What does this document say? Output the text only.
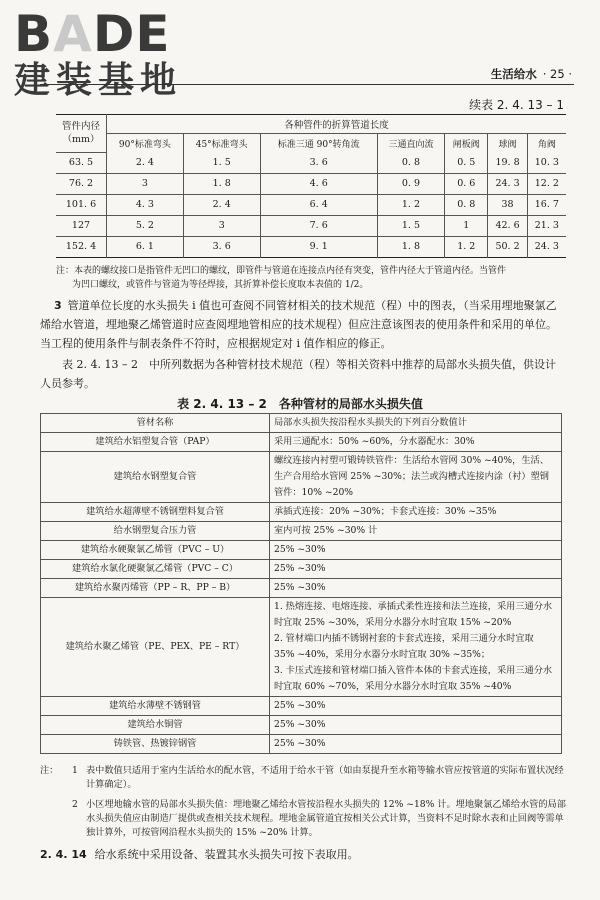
BADE
建装基地	生活给水 · 25 ·
续表 2. 4. 13 – 1
管件内径
（mm）	各种管件的折算管道长度						
	90°标准弯头	45°标准弯头	标准三通 90°转角流	三通直向流	闸板阀	球阀	角阀
63. 5	2. 4	1. 5	3. 6	0. 8	0. 5	19. 8	10. 3
76. 2	3	1. 8	4. 6	0. 9	0. 6	24. 3	12. 2
101. 6	4. 3	2. 4	6. 4	1. 2	0. 8	38	16. 7
127	5. 2	3	7. 6	1. 5	1	42. 6	21. 3
152. 4	6. 1	3. 6	9. 1	1. 8	1. 2	50. 2	24. 3
注：本表的螺纹接口是指管件无凹口的螺纹，即管件与管道在连接点内径有突变，管件内径大于管道内径。当管件
为凹口螺纹，或管件与管道为等径焊接，其折算补偿长度取本表值的 1/2。
3 管道单位长度的水头损失 i 值也可查阅不同管材相关的技术规范（程）中的图表，（当采用埋地聚氯乙烯给水管道，埋地聚乙烯管道时应查阅埋地管相应的技术规程）但应注意该图表的使用条件和采用的单位。当工程的使用条件与制表条件不符时，应根据规定对 i 值作相应的修正。
表 2. 4. 13 – 2　中所列数据为各种管材技术规范（程）等相关资料中推荐的局部水头损失值，供设计人员参考。
表 2. 4. 13 – 2　各种管材的局部水头损失值
管材名称	局部水头损失按沿程水头损失的下列百分数值计
建筑给水铝塑复合管（PAP）	采用三通配水：50% ~60%，分水器配水：30%
建筑给水钢塑复合管	螺纹连接内衬塑可锻铸铁管件：生活给水管网 30% ~40%，生活、生产合用给水管网 25% ~30%；法兰或沟槽式连接内涂（衬）塑钢管件：10% ~20%
建筑给水超薄壁不锈钢塑料复合管	承插式连接：20% ~30%；卡套式连接：30% ~35%
给水钢塑复合压力管	室内可按 25% ~30% 计
建筑给水硬聚氯乙烯管（PVC – U）	25% ~30%
建筑给水氯化硬聚氯乙烯管（PVC – C）	25% ~30%
建筑给水聚丙烯管（PP – R、PP – B）	25% ~30%
建筑给水聚乙烯管（PE、PEX、PE – RT）	1. 热熔连接、电熔连接、承插式柔性连接和法兰连接，采用三通分水时宜取 25% ~30%，采用分水器分水时宜取 15% ~20%
2. 管材端口内插不锈钢衬套的卡套式连接，采用三通分水时宜取 35% ~40%，采用分水器分水时宜取 30% ~35%；
3. 卡压式连接和管材端口插入管件本体的卡套式连接，采用三通分水时宜取 60% ~70%，采用分水器分水时宜取 35% ~40%

建筑给水薄壁不锈钢管	25% ~30%
建筑给水铜管	25% ~30%
铸铁管、热镀锌钢管	25% ~30%
注：	1 表中数值只适用于室内生活给水的配水管，不适用于给水干管（如由泵提升至水箱等输水管应按管道的实际布置状况经计算确定）。
2 小区埋地输水管的局部水头损失值：埋地聚乙烯给水管按沿程水头损失的 12% ~18% 计。埋地聚氯乙烯给水管的局部水头损失值应由制造厂提供或查相关技术规程。埋地金属管道宜按相关公式计算，当资料不足时除水表和止回阀等需单独计算外，可按管网沿程水头损失的 15% ~20% 计算。
2. 4. 14 给水系统中采用设备、装置其水头损失可按下表取用。
